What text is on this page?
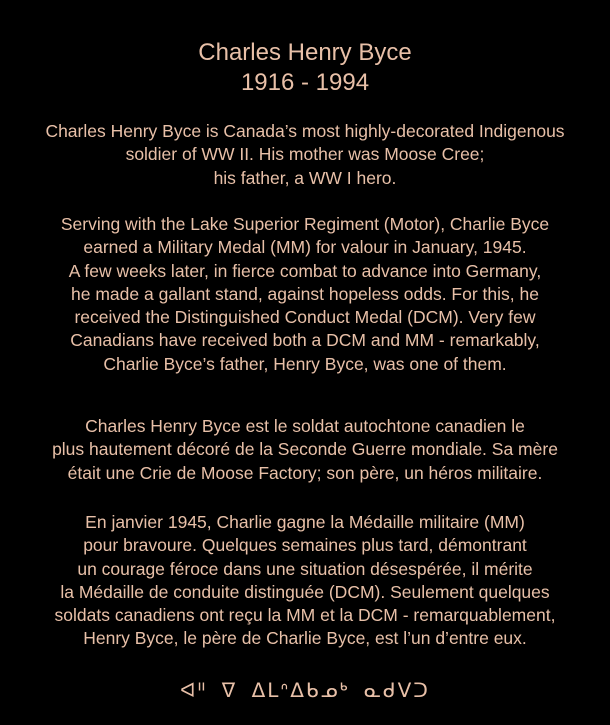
Charles Henry Byce
1916 - 1994

Charles Henry Byce is Canada’s most highly-decorated Indigenous
soldier of WW II. His mother was Moose Cree;
his father, a WW I hero.

Serving with the Lake Superior Regiment (Motor), Charlie Byce
earned a Military Medal (MM) for valour in January, 1945.
A few weeks later, in fierce combat to advance into Germany,
he made a gallant stand, against hopeless odds. For this, he
received the Distinguished Conduct Medal (DCM). Very few
Canadians have received both a DCM and MM - remarkably,
Charlie Byce’s father, Henry Byce, was one of them.

Charles Henry Byce est le soldat autochtone canadien le
plus hautement décoré de la Seconde Guerre mondiale. Sa mère
était une Crie de Moose Factory; son père, un héros militaire.

En janvier 1945, Charlie gagne la Médaille militaire (MM)
pour bravoure. Quelques semaines plus tard, démontrant
un courage féroce dans une situation désespérée, il mérite
la Médaille de conduite distinguée (DCM). Seulement quelques
soldats canadiens ont reçu la MM et la DCM - remarquablement,
Henry Byce, le père de Charlie Byce, est l’un d’entre eux.

ᐊᐦ ᐁ ᐃᒪᐢᐃᑲᓄᒃ ᓇᑯᐯᑐ
